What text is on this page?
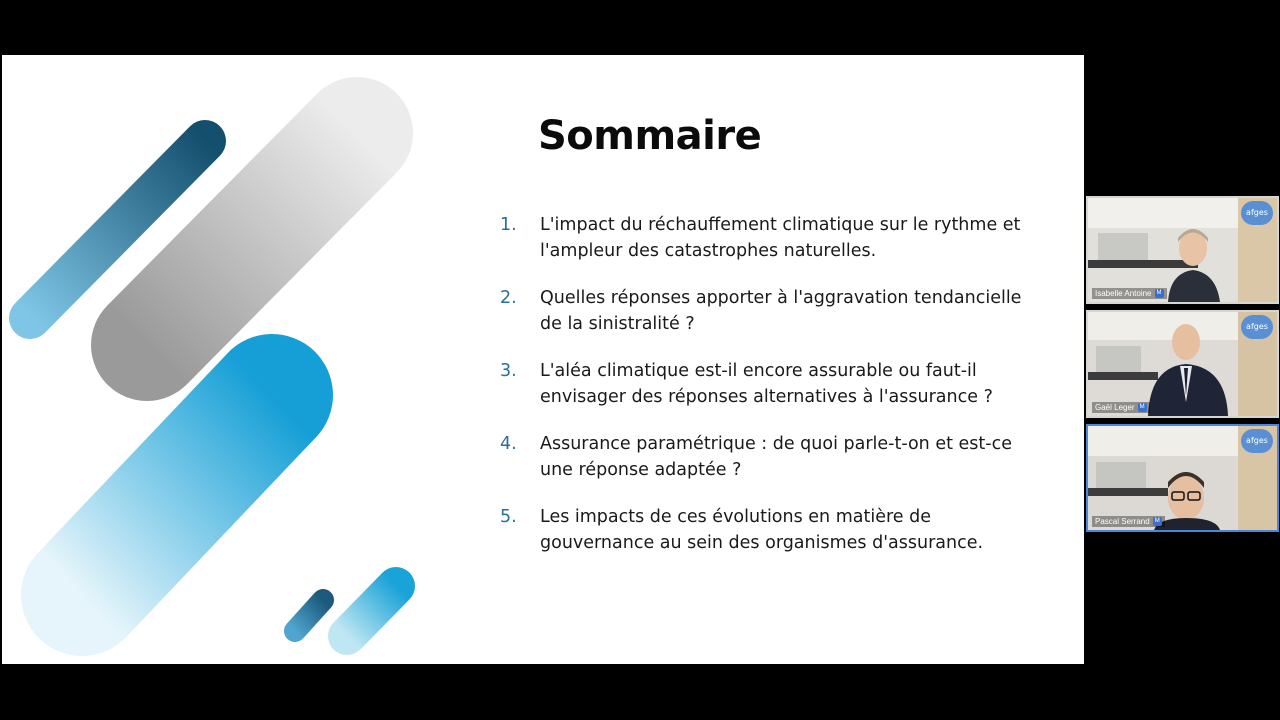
Sommaire
1.	L'impact du réchauffement climatique sur le rythme et l'ampleur des catastrophes naturelles.
2.	Quelles réponses apporter à l'aggravation tendancielle de la sinistralité ?
3.	L'aléa climatique est-il encore assurable ou faut-il envisager des réponses alternatives à l'assurance ?
4.	Assurance paramétrique : de quoi parle-t-on et est-ce une réponse adaptée ?
5.	Les impacts de ces évolutions en matière de gouvernance au sein des organismes d'assurance.
afges
Isabelle Antoine M
afges
Gaël Leger M
afges
Pascal Serrand M
